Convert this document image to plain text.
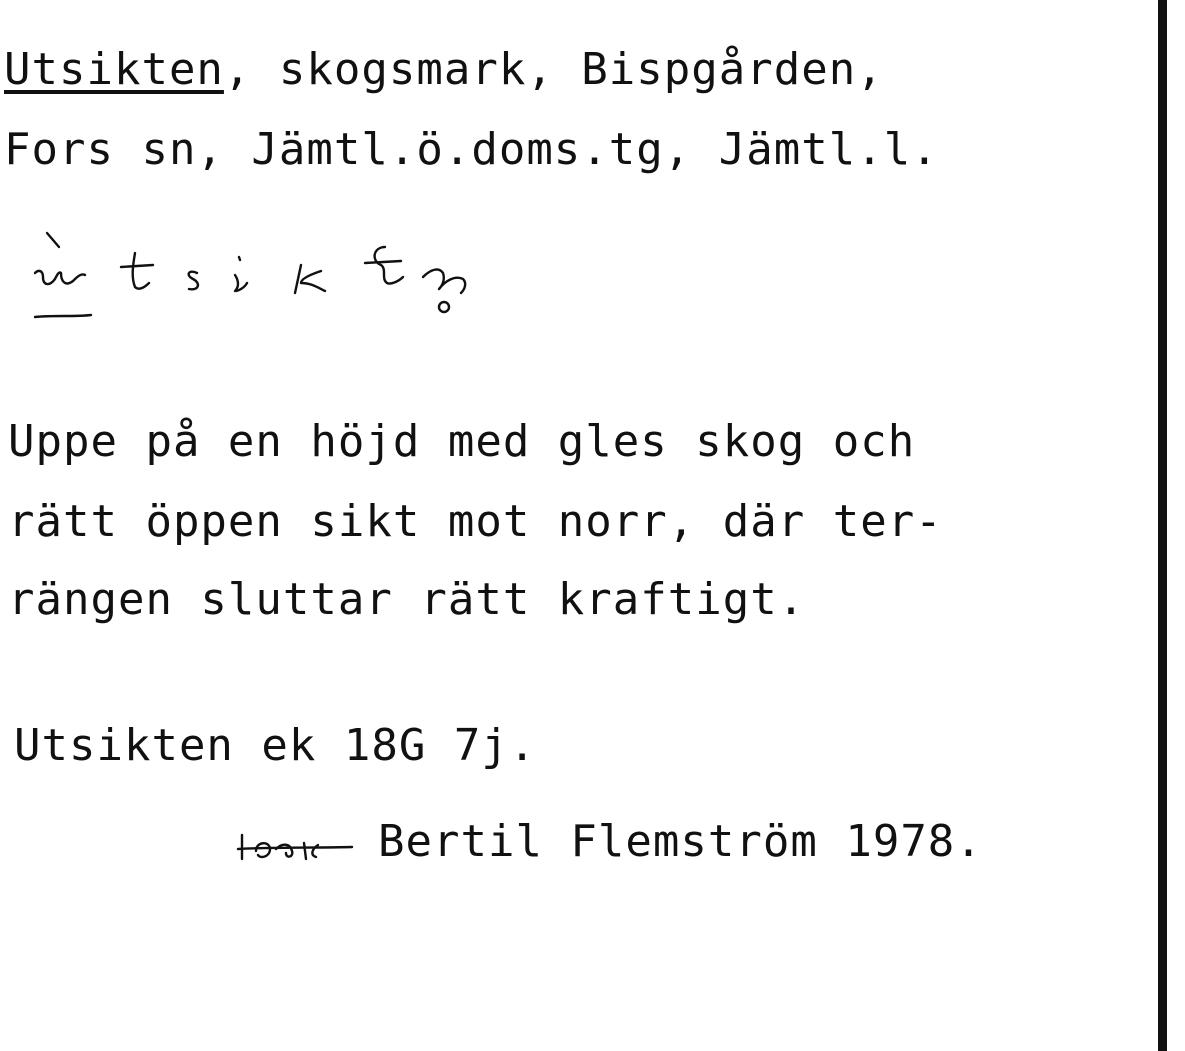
Utsikten, skogsmark, Bispgården,
Fors sn, Jämtl.ö.doms.tg, Jämtl.l.
Uppe på en höjd med gles skog och
rätt öppen sikt mot norr, där ter-
rängen sluttar rätt kraftigt.
Utsikten ek 18G 7j.
Bertil Flemström 1978.
